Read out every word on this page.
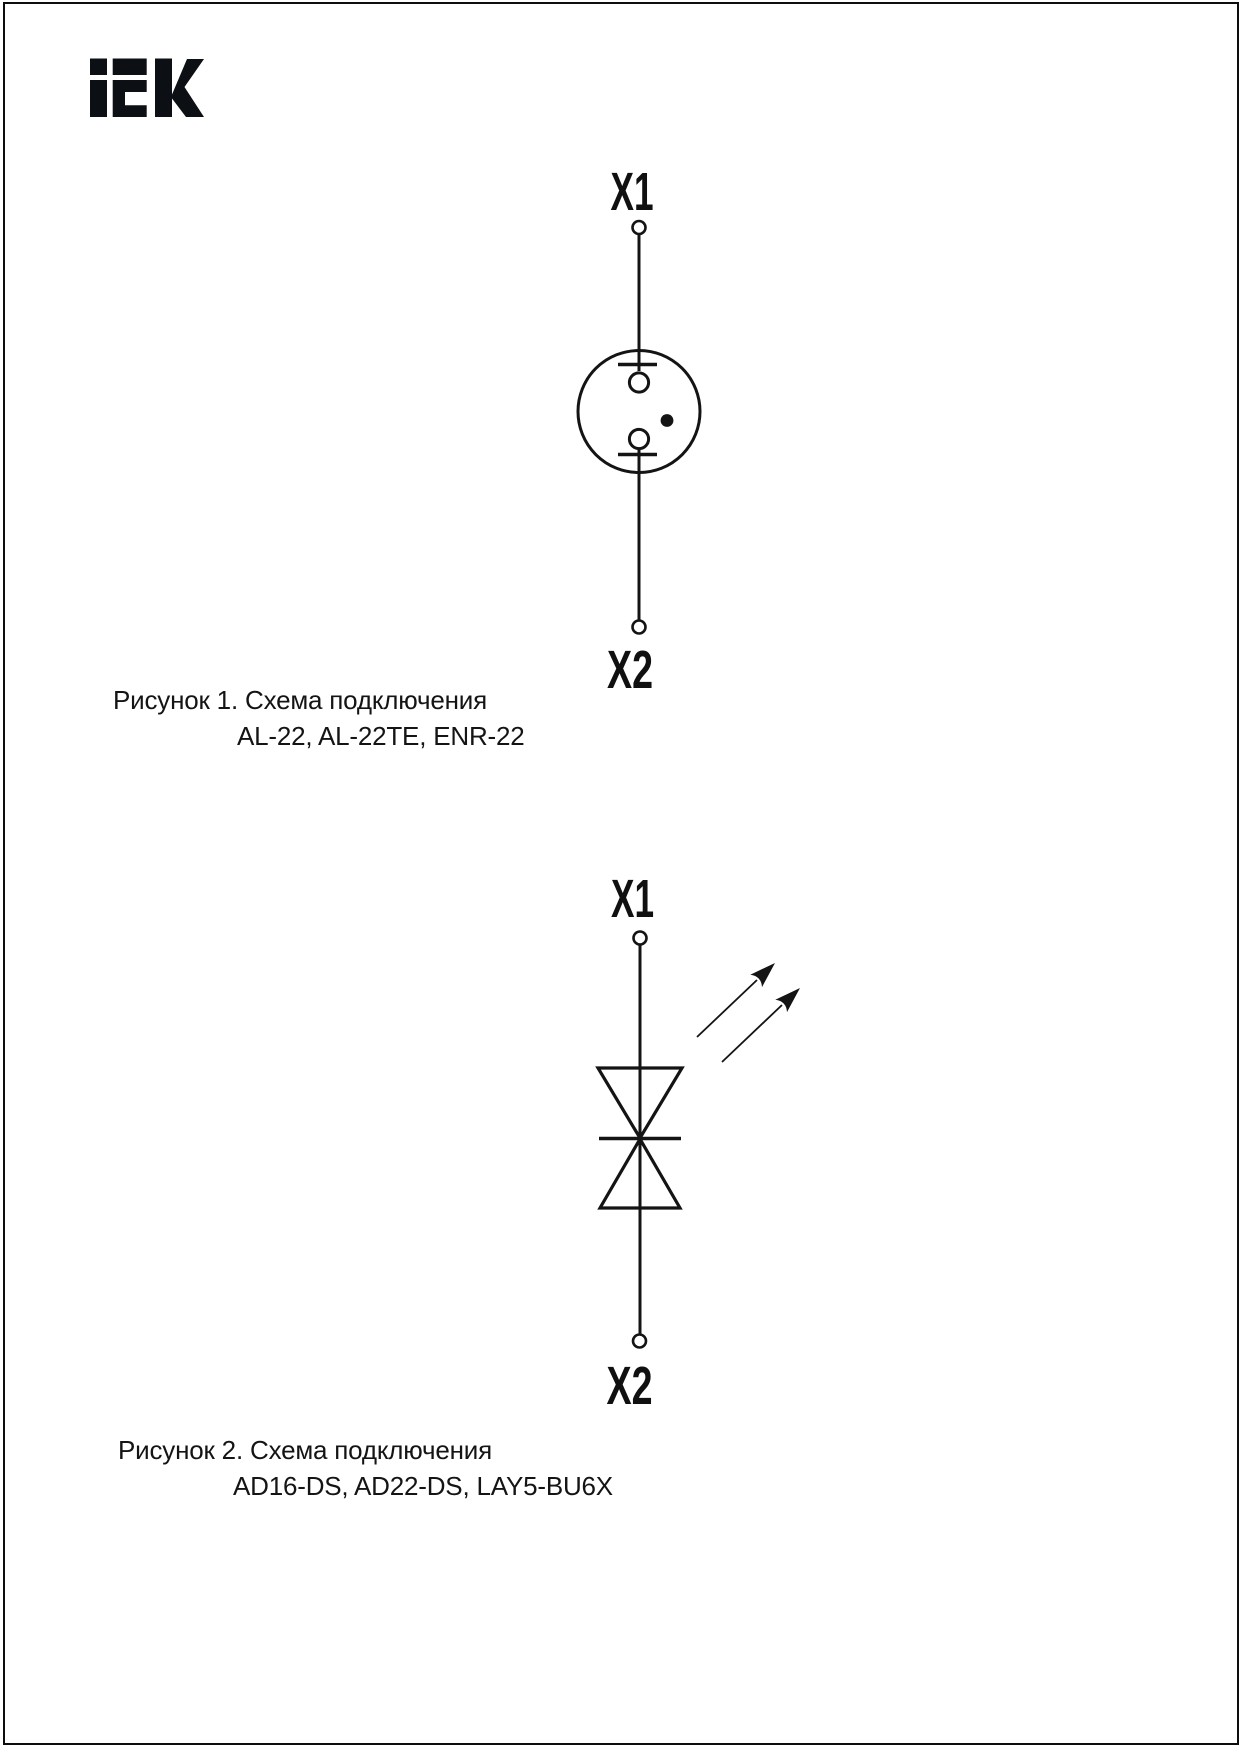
X1
X2
Рисунок 1. Схема подключения
AL-22, AL-22TE, ENR-22
X1
X2
Рисунок 2. Схема подключения
AD16-DS, AD22-DS, LAY5-BU6X
